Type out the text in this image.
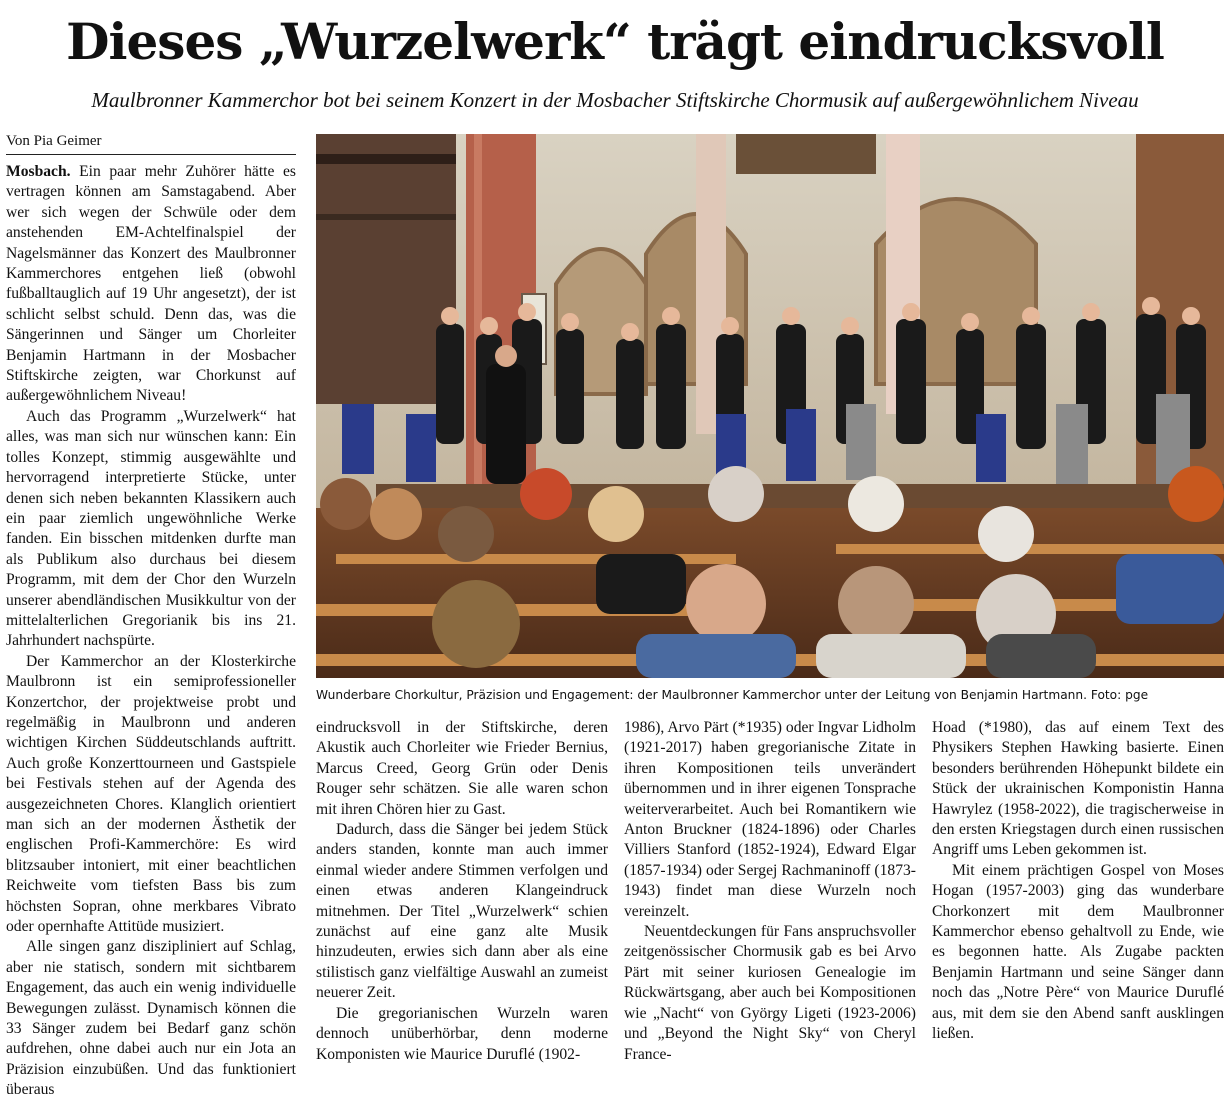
Dieses „Wurzelwerk“ trägt eindrucksvoll
Maulbronner Kammerchor bot bei seinem Konzert in der Mosbacher Stiftskirche Chormusik auf außergewöhnlichem Niveau
Von Pia Geimer

Mosbach. Ein paar mehr Zuhörer hätte es vertragen können am Samstagabend. Aber wer sich wegen der Schwüle oder dem anstehenden EM-Achtelfinalspiel der Nagelsmänner das Konzert des Maulbronner Kammerchores entgehen ließ (obwohl fußballtauglich auf 19 Uhr angesetzt), der ist schlicht selbst schuld. Denn das, was die Sängerinnen und Sänger um Chorleiter Benjamin Hartmann in der Mosbacher Stiftskirche zeigten, war Chorkunst auf außergewöhnlichem Niveau!

Auch das Programm „Wurzelwerk“ hat alles, was man sich nur wünschen kann: Ein tolles Konzept, stimmig ausgewählte und hervorragend interpretierte Stücke, unter denen sich neben bekannten Klassikern auch ein paar ziemlich ungewöhnliche Werke fanden. Ein bisschen mitdenken durfte man als Publikum also durchaus bei diesem Programm, mit dem der Chor den Wurzeln unserer abendländischen Musikkultur von der mittelalterlichen Gregorianik bis ins 21. Jahrhundert nachspürte.

Der Kammerchor an der Klosterkirche Maulbronn ist ein semiprofessioneller Konzertchor, der projektweise probt und regelmäßig in Maulbronn und anderen wichtigen Kirchen Süddeutschlands auftritt. Auch große Konzerttourneen und Gastspiele bei Festivals stehen auf der Agenda des ausgezeichneten Chores. Klanglich orientiert man sich an der modernen Ästhetik der englischen Profi-Kammerchöre: Es wird blitzsauber intoniert, mit einer beachtlichen Reichweite vom tiefsten Bass bis zum höchsten Sopran, ohne merkbares Vibrato oder opernhafte Attitüde musiziert.

Alle singen ganz diszipliniert auf Schlag, aber nie statisch, sondern mit sichtbarem Engagement, das auch ein wenig individuelle Bewegungen zulässt. Dynamisch können die 33 Sänger zudem bei Bedarf ganz schön aufdrehen, ohne dabei auch nur ein Jota an Präzision einzubüßen. Und das funktioniert überaus

Wunderbare Chorkultur, Präzision und Engagement: der Maulbronner Kammerchor unter der Leitung von Benjamin Hartmann. Foto: pge

eindrucksvoll in der Stiftskirche, deren Akustik auch Chorleiter wie Frieder Bernius, Marcus Creed, Georg Grün oder Denis Rouger sehr schätzen. Sie alle waren schon mit ihren Chören hier zu Gast.

Dadurch, dass die Sänger bei jedem Stück anders standen, konnte man auch immer einmal wieder andere Stimmen verfolgen und einen etwas anderen Klangeindruck mitnehmen. Der Titel „Wurzelwerk“ schien zunächst auf eine ganz alte Musik hinzudeuten, erwies sich dann aber als eine stilistisch ganz vielfältige Auswahl an zumeist neuerer Zeit.

Die gregorianischen Wurzeln waren dennoch unüberhörbar, denn moderne Komponisten wie Maurice Duruflé (1902-

1986), Arvo Pärt (*1935) oder Ingvar Lidholm (1921-2017) haben gregorianische Zitate in ihren Kompositionen teils unverändert übernommen und in ihrer eigenen Tonsprache weiterverarbeitet. Auch bei Romantikern wie Anton Bruckner (1824-1896) oder Charles Villiers Stanford (1852-1924), Edward Elgar (1857-1934) oder Sergej Rachmaninoff (1873-1943) findet man diese Wurzeln noch vereinzelt.

Neuentdeckungen für Fans anspruchsvoller zeitgenössischer Chormusik gab es bei Arvo Pärt mit seiner kuriosen Genealogie im Rückwärtsgang, aber auch bei Kompositionen wie „Nacht“ von György Ligeti (1923-2006) und „Beyond the Night Sky“ von Cheryl France-

Hoad (*1980), das auf einem Text des Physikers Stephen Hawking basierte. Einen besonders berührenden Höhepunkt bildete ein Stück der ukrainischen Komponistin Hanna Hawrylez (1958-2022), die tragischerweise in den ersten Kriegstagen durch einen russischen Angriff ums Leben gekommen ist.

Mit einem prächtigen Gospel von Moses Hogan (1957-2003) ging das wunderbare Chorkonzert mit dem Maulbronner Kammerchor ebenso gehaltvoll zu Ende, wie es begonnen hatte. Als Zugabe packten Benjamin Hartmann und seine Sänger dann noch das „Notre Père“ von Maurice Duruflé aus, mit dem sie den Abend sanft ausklingen ließen.
